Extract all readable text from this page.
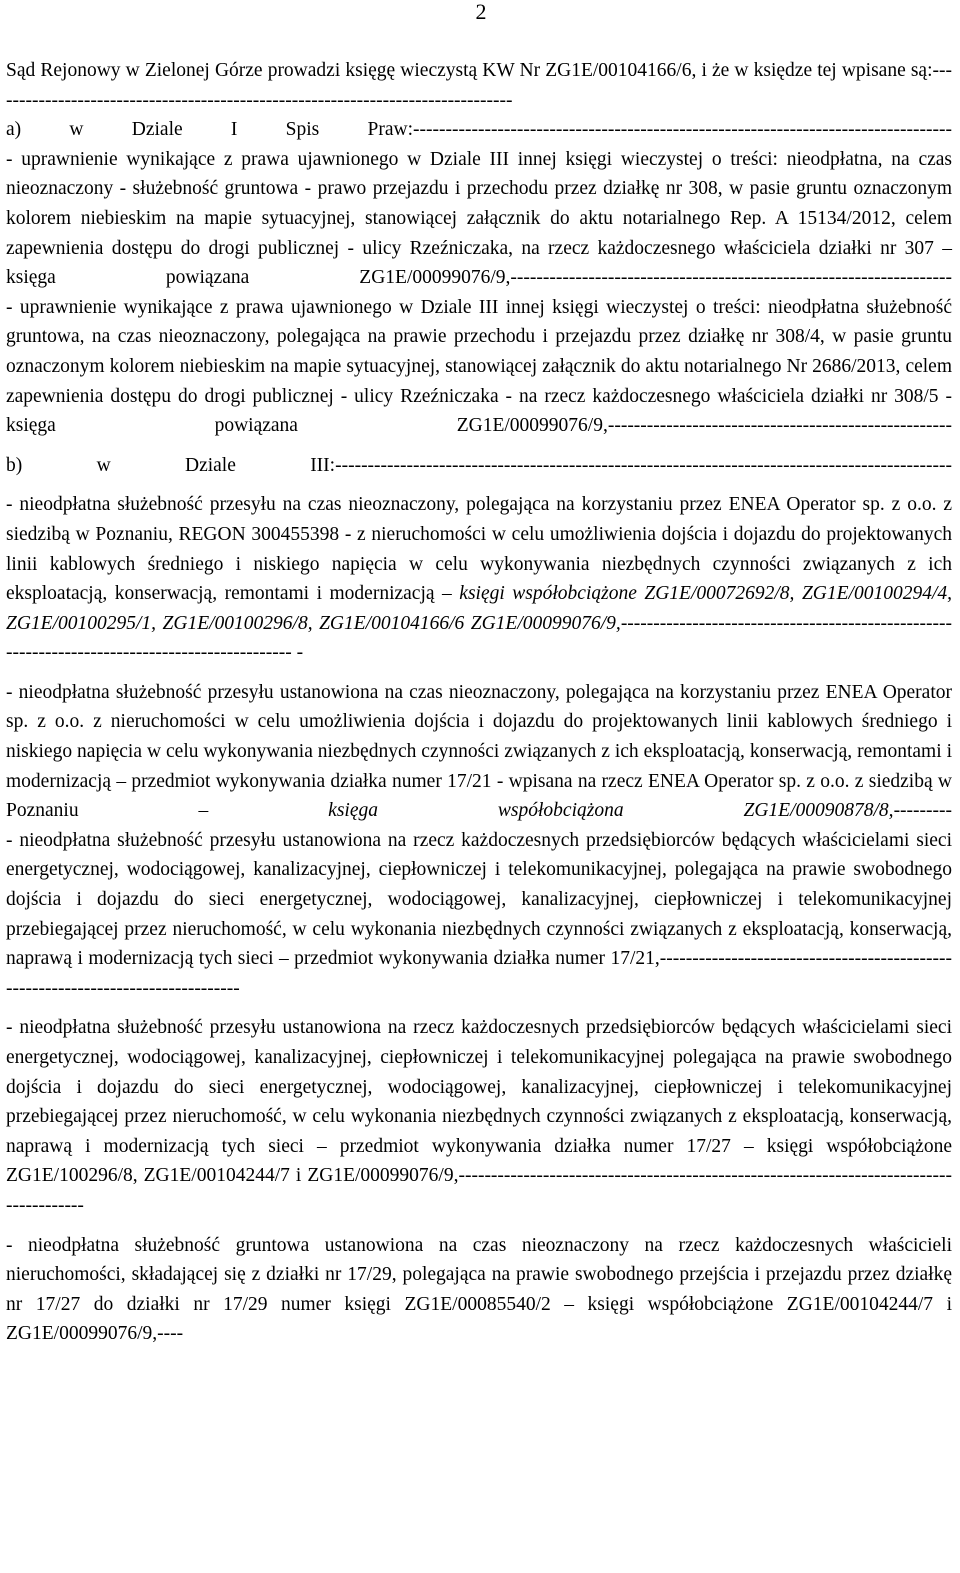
2

Sąd Rejonowy w Zielonej Górze prowadzi księgę wieczystą KW Nr ZG1E/00104166/6, i że w księdze tej wpisane są:---------------------------------------------------------------------------------

a) w Dziale I Spis Praw:-----------------------------------------------------------------------------------

- uprawnienie wynikające z prawa ujawnionego w Dziale III innej księgi wieczystej o treści: nieodpłatna, na czas nieoznaczony - służebność gruntowa - prawo przejazdu i przechodu przez działkę nr 308, w pasie gruntu oznaczonym kolorem niebieskim na mapie sytuacyjnej, stanowiącej załącznik do aktu notarialnego Rep. A 15134/2012, celem zapewnienia dostępu do drogi publicznej - ulicy Rzeźniczaka, na rzecz każdoczesnego właściciela działki nr 307 – księga powiązana ZG1E/00099076/9,--------------------------------------------------------------------

- uprawnienie wynikające z prawa ujawnionego w Dziale III innej księgi wieczystej o treści: nieodpłatna służebność gruntowa, na czas nieoznaczony, polegająca na prawie przechodu i przejazdu przez działkę nr 308/4, w pasie gruntu oznaczonym kolorem niebieskim na mapie sytuacyjnej, stanowiącej załącznik do aktu notarialnego Nr 2686/2013, celem zapewnienia dostępu do drogi publicznej - ulicy Rzeźniczaka - na rzecz każdoczesnego właściciela działki nr 308/5 - księga powiązana ZG1E/00099076/9,-----------------------------------------------------

b) w Dziale III:-----------------------------------------------------------------------------------------------

- nieodpłatna służebność przesyłu na czas nieoznaczony, polegająca na korzystaniu przez ENEA Operator sp. z o.o. z siedzibą w Poznaniu, REGON 300455398 - z nieruchomości w celu umożliwienia dojścia i dojazdu do projektowanych linii kablowych średniego i niskiego napięcia w celu wykonywania niezbędnych czynności związanych z ich eksploatacją, konserwacją, remontami i modernizacją – księgi współobciążone ZG1E/00072692/8, ZG1E/00100294/4, ZG1E/00100295/1, ZG1E/00100296/8, ZG1E/00104166/6 ZG1E/00099076/9,----------------------------------------------------------------------------------------------- -

- nieodpłatna służebność przesyłu ustanowiona na czas nieoznaczony, polegająca na korzystaniu przez ENEA Operator sp. z o.o. z nieruchomości w celu umożliwienia dojścia i dojazdu do projektowanych linii kablowych średniego i niskiego napięcia w celu wykonywania niezbędnych czynności związanych z ich eksploatacją, konserwacją, remontami i modernizacją – przedmiot wykonywania działka numer 17/21 - wpisana na rzecz ENEA Operator sp. z o.o. z siedzibą w Poznaniu – księga współobciążona ZG1E/00090878/8,---------

- nieodpłatna służebność przesyłu ustanowiona na rzecz każdoczesnych przedsiębiorców będących właścicielami sieci energetycznej, wodociągowej, kanalizacyjnej, ciepłowniczej i telekomunikacyjnej, polegająca na prawie swobodnego dojścia i dojazdu do sieci energetycznej, wodociągowej, kanalizacyjnej, ciepłowniczej i telekomunikacyjnej przebiegającej przez nieruchomość, w celu wykonania niezbędnych czynności związanych z eksploatacją, konserwacją, naprawą i modernizacją tych sieci – przedmiot wykonywania działka numer 17/21,---------------------------------------------------------------------------------

- nieodpłatna służebność przesyłu ustanowiona na rzecz każdoczesnych przedsiębiorców będących właścicielami sieci energetycznej, wodociągowej, kanalizacyjnej, ciepłowniczej i telekomunikacyjnej polegająca na prawie swobodnego dojścia i dojazdu do sieci energetycznej, wodociągowej, kanalizacyjnej, ciepłowniczej i telekomunikacyjnej przebiegającej przez nieruchomość, w celu wykonania niezbędnych czynności związanych z eksploatacją, konserwacją, naprawą i modernizacją tych sieci – przedmiot wykonywania działka numer 17/27 – księgi współobciążone ZG1E/100296/8, ZG1E/00104244/7 i ZG1E/00099076/9,----------------------------------------------------------------------------------------

- nieodpłatna służebność gruntowa ustanowiona na czas nieoznaczony na rzecz każdoczesnych właścicieli nieruchomości, składającej się z działki nr 17/29, polegająca na prawie swobodnego przejścia i przejazdu przez działkę nr 17/27 do działki nr 17/29 numer księgi ZG1E/00085540/2 – księgi współobciążone ZG1E/00104244/7 i ZG1E/00099076/9,----
